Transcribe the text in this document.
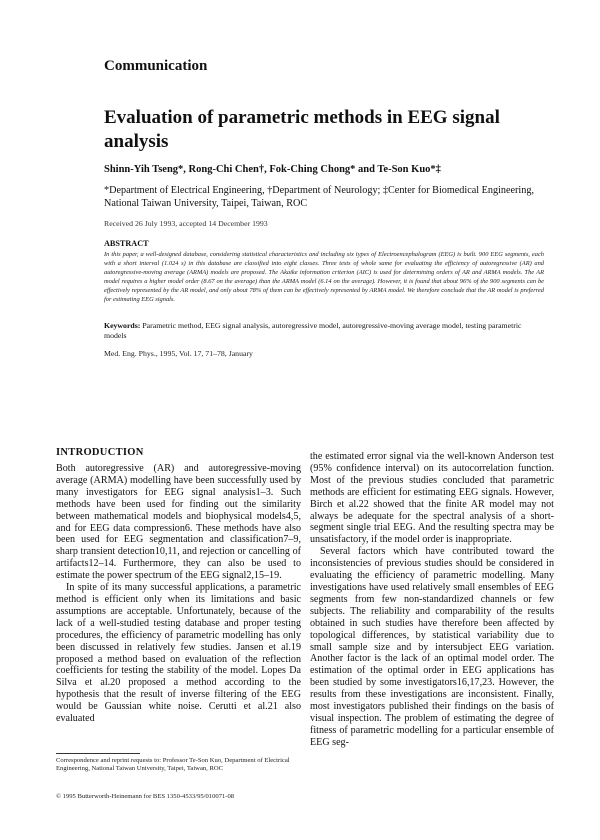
Communication
Evaluation of parametric methods in EEG signal analysis
Shinn-Yih Tseng*, Rong-Chi Chen†, Fok-Ching Chong* and Te-Son Kuo*‡
*Department of Electrical Engineering, †Department of Neurology; ‡Center for Biomedical Engineering, National Taiwan University, Taipei, Taiwan, ROC
Received 26 July 1993, accepted 14 December 1993
ABSTRACT
In this paper, a well-designed database, considering statistical characteristics and including six types of Electroencephalogram (EEG) is built. 900 EEG segments, each with a short interval (1.024 s) in this database are classified into eight classes. Three tests of whole same for evaluating the efficiency of autoregressive (AR) and autoregressive-moving average (ARMA) models are proposed. The Akaike information criterion (AIC) is used for determining orders of AR and ARMA models. The AR model requires a higher model order (8.67 on the average) than the ARMA model (6.14 on the average). However, it is found that about 96% of the 900 segments can be effectively represented by the AR model, and only about 78% of them can be effectively represented by ARMA model. We therefore conclude that the AR model is preferred for estimating EEG signals.
Keywords: Parametric method, EEG signal analysis, autoregressive model, autoregressive-moving average model, testing parametric models
Med. Eng. Phys., 1995, Vol. 17, 71–78, January
INTRODUCTION

Both autoregressive (AR) and autoregressive-moving average (ARMA) modelling have been successfully used by many investigators for EEG signal analysis1–3. Such methods have been used for finding out the similarity between mathematical models and biophysical models4,5, and for EEG data compression6. These methods have also been used for EEG segmentation and classification7–9, sharp transient detection10,11, and rejection or cancelling of artifacts12–14. Furthermore, they can also be used to estimate the power spectrum of the EEG signal2,15–19.

In spite of its many successful applications, a parametric method is efficient only when its limitations and basic assumptions are acceptable. Unfortunately, because of the lack of a well-studied testing database and proper testing procedures, the efficiency of parametric modelling has only been discussed in relatively few studies. Jansen et al.19 proposed a method based on evaluation of the reflection coefficients for testing the stability of the model. Lopes Da Silva et al.20 proposed a method according to the hypothesis that the result of inverse filtering of the EEG would be Gaussian white noise. Cerutti et al.21 also evaluated

the estimated error signal via the well-known Anderson test (95% confidence interval) on its autocorrelation function. Most of the previous studies concluded that parametric methods are efficient for estimating EEG signals. However, Birch et al.22 showed that the finite AR model may not always be adequate for the spectral analysis of a short-segment single trial EEG. And the resulting spectra may be unsatisfactory, if the model order is inappropriate.

Several factors which have contributed toward the inconsistencies of previous studies should be considered in evaluating the efficiency of parametric modelling. Many investigations have used relatively small ensembles of EEG segments from few non-standardized channels or few subjects. The reliability and comparability of the results obtained in such studies have therefore been affected by topological differences, by statistical variability due to small sample size and by intersubject EEG variation. Another factor is the lack of an optimal model order. The estimation of the optimal order in EEG applications has been studied by some investigators16,17,23. However, the results from these investigations are inconsistent. Finally, most investigators published their findings on the basis of visual inspection. The problem of estimating the degree of fitness of parametric modelling for a particular ensemble of EEG seg-

Correspondence and reprint requests to: Professor Te-Son Kuo, Department of Electrical Engineering, National Taiwan University, Taipei, Taiwan, ROC
© 1995 Butterworth-Heinemann for BES 1350-4533/95/010071-08
